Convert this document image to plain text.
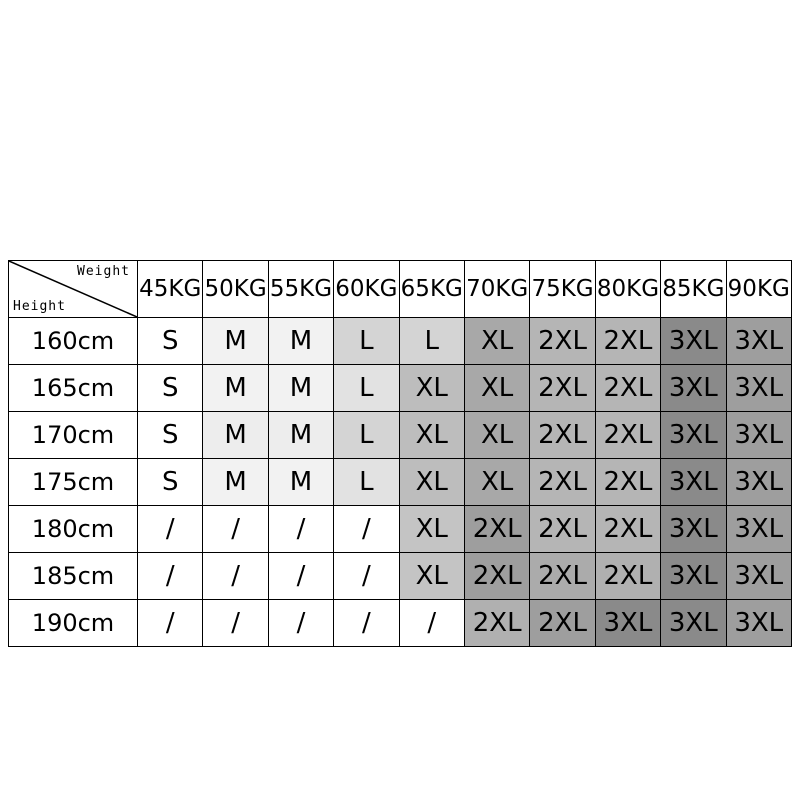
Weight
Height	45KG	50KG	55KG	60KG	65KG	70KG	75KG	80KG	85KG	90KG
160cm	S	M	M	L	L	XL	2XL	2XL	3XL	3XL
165cm	S	M	M	L	XL	XL	2XL	2XL	3XL	3XL
170cm	S	M	M	L	XL	XL	2XL	2XL	3XL	3XL
175cm	S	M	M	L	XL	XL	2XL	2XL	3XL	3XL
180cm	/	/	/	/	XL	2XL	2XL	2XL	3XL	3XL
185cm	/	/	/	/	XL	2XL	2XL	2XL	3XL	3XL
190cm	/	/	/	/	/	2XL	2XL	3XL	3XL	3XL
